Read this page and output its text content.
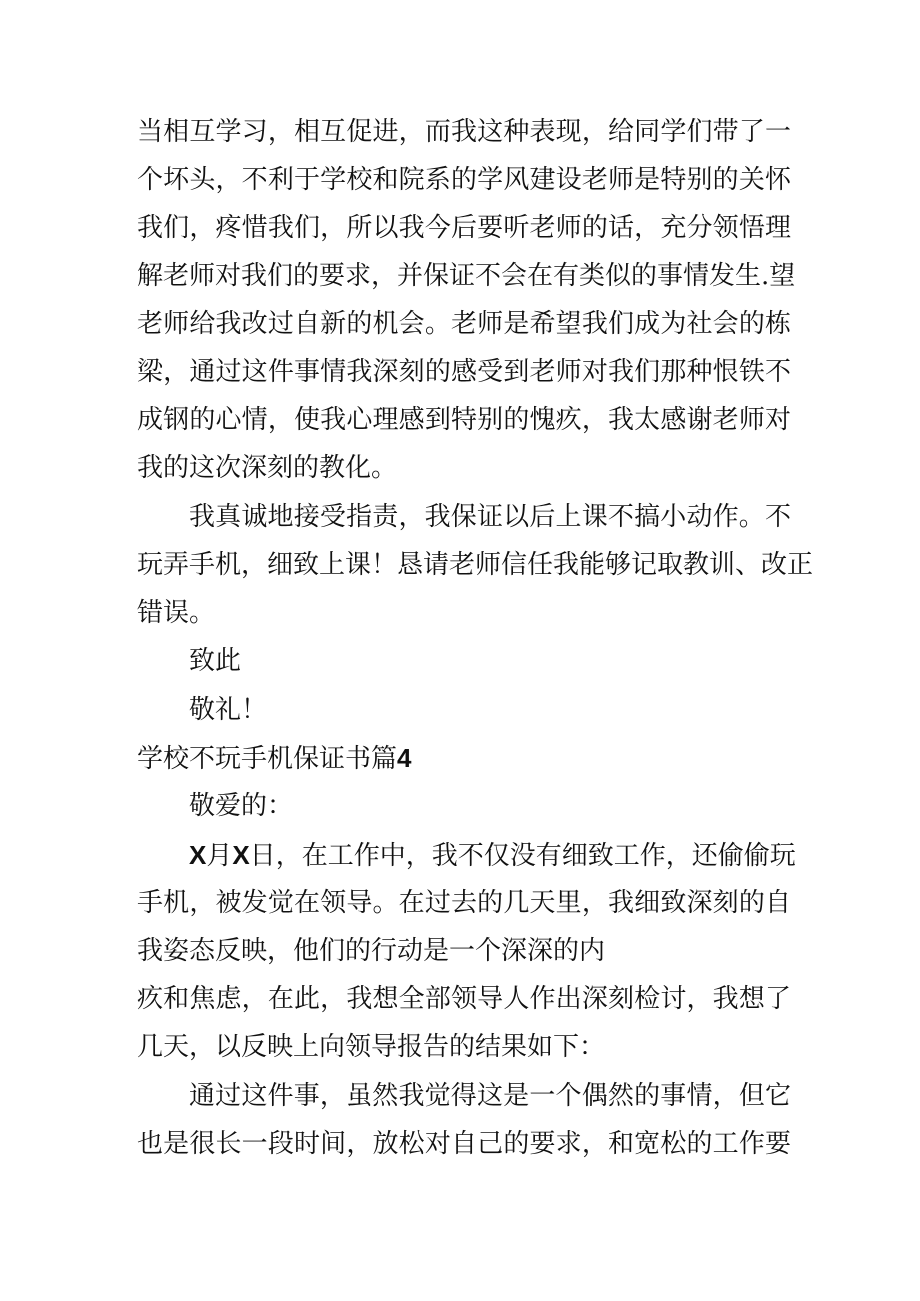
当相互学习，相互促进，而我这种表现，给同学们带了一
个坏头，不利于学校和院系的学风建设老师是特别的关怀
我们，疼惜我们，所以我今后要听老师的话，充分领悟理
解老师对我们的要求，并保证不会在有类似的事情发生.望
老师给我改过自新的机会。老师是希望我们成为社会的栋
梁，通过这件事情我深刻的感受到老师对我们那种恨铁不
成钢的心情，使我心理感到特别的愧疚，我太感谢老师对
我的这次深刻的教化。
我真诚地接受指责，我保证以后上课不搞小动作。不
玩弄手机，细致上课！恳请老师信任我能够记取教训、改正
错误。
致此
敬礼！
学校不玩手机保证书篇4
敬爱的：
X月X日，在工作中，我不仅没有细致工作，还偷偷玩
手机，被发觉在领导。在过去的几天里，我细致深刻的自
我姿态反映，他们的行动是一个深深的内
疚和焦虑，在此，我想全部领导人作出深刻检讨，我想了
几天，以反映上向领导报告的结果如下：
通过这件事，虽然我觉得这是一个偶然的事情，但它
也是很长一段时间，放松对自己的要求，和宽松的工作要
